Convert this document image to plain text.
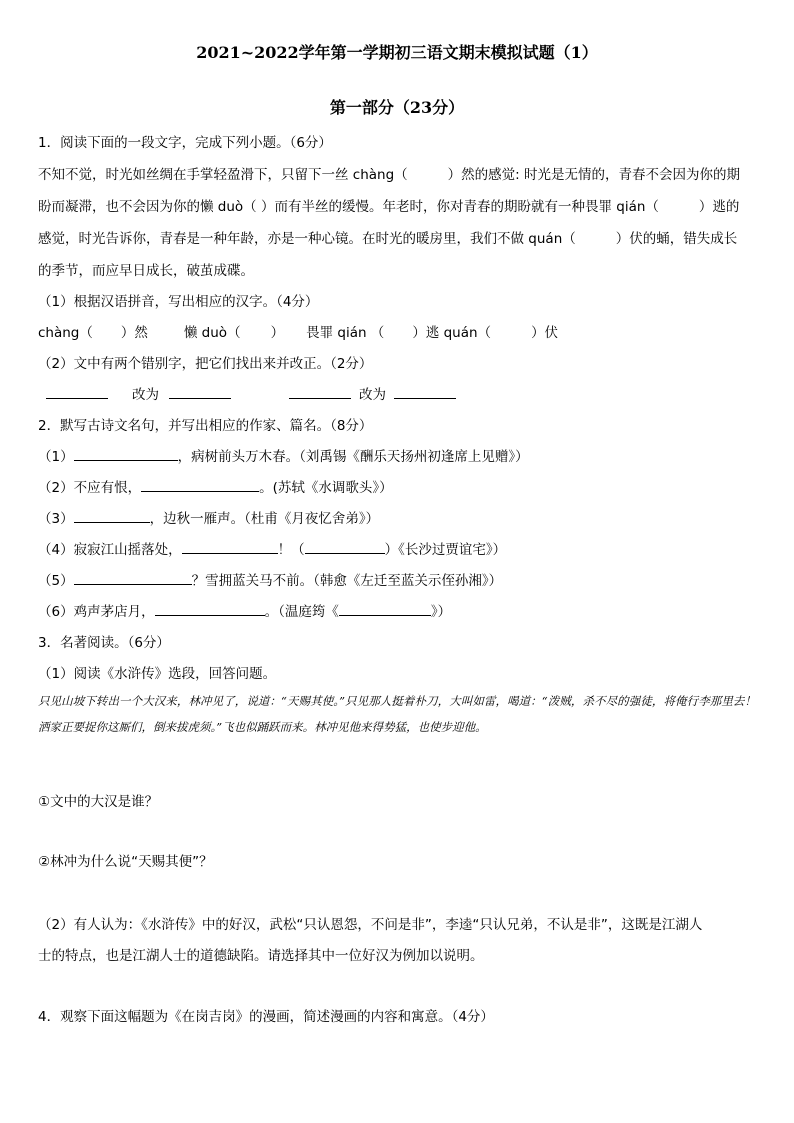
2021~2022学年第一学期初三语文期末模拟试题（1）
第一部分（23分）
1．阅读下面的一段文字，完成下列小题。（6分）
不知不觉，时光如丝绸在手掌轻盈滑下，只留下一丝 chàng（	）然的感觉: 时光是无情的，青春不会因为你的期
盼而凝滞，也不会因为你的懒 duò（ ）而有半丝的缓慢。年老时，你对青春的期盼就有一种畏罪 qián（	）逃的
感觉，时光告诉你，青春是一种年龄，亦是一种心镜。在时光的暖房里，我们不做 quán（	）伏的蛹，错失成长
的季节，而应早日成长，破茧成碟。
（1）根据汉语拼音，写出相应的汉字。（4分）
chàng（ ）然	懒 duò（ ） 畏罪 qián （ ）逃 quán（	）伏
（2）文中有两个错别字，把它们找出来并改正。（2分）
改为	改为
2．默写古诗文名句，并写出相应的作家、篇名。（8分）
（1）	，病树前头万木春。（刘禹锡《酬乐天扬州初逢席上见赠》）
（2）不应有恨，	。(苏轼《水调歌头》）
（3）	，边秋一雁声。（杜甫《月夜忆舍弟》）
（4）寂寂江山摇落处，	！（	）《长沙过贾谊宅》）
（5）	？雪拥蓝关马不前。（韩愈《左迁至蓝关示侄孙湘》）
（6）鸡声茅店月，	。（温庭筠《	》）
3．名著阅读。（6分）
（1）阅读《水浒传》选段，回答问题。
只见山坡下转出一个大汉来，林冲见了，说道：“天赐其使。”只见那人挺着朴刀，大叫如雷，喝道：“泼贼，杀不尽的强徒，将俺行李那里去！洒家正要捉你这厮们，倒来拔虎须。”飞也似踊跃而来。林冲见他来得势猛，也使步迎他。
①文中的大汉是谁？
②林冲为什么说“天赐其便”？
（2）有人认为：《水浒传》中的好汉，武松“只认恩怨，不问是非”，李逵“只认兄弟，不认是非”，这既是江湖人
士的特点，也是江湖人士的道德缺陷。请选择其中一位好汉为例加以说明。
4．观察下面这幅题为《在岗吉岗》的漫画，简述漫画的内容和寓意。（4分）
